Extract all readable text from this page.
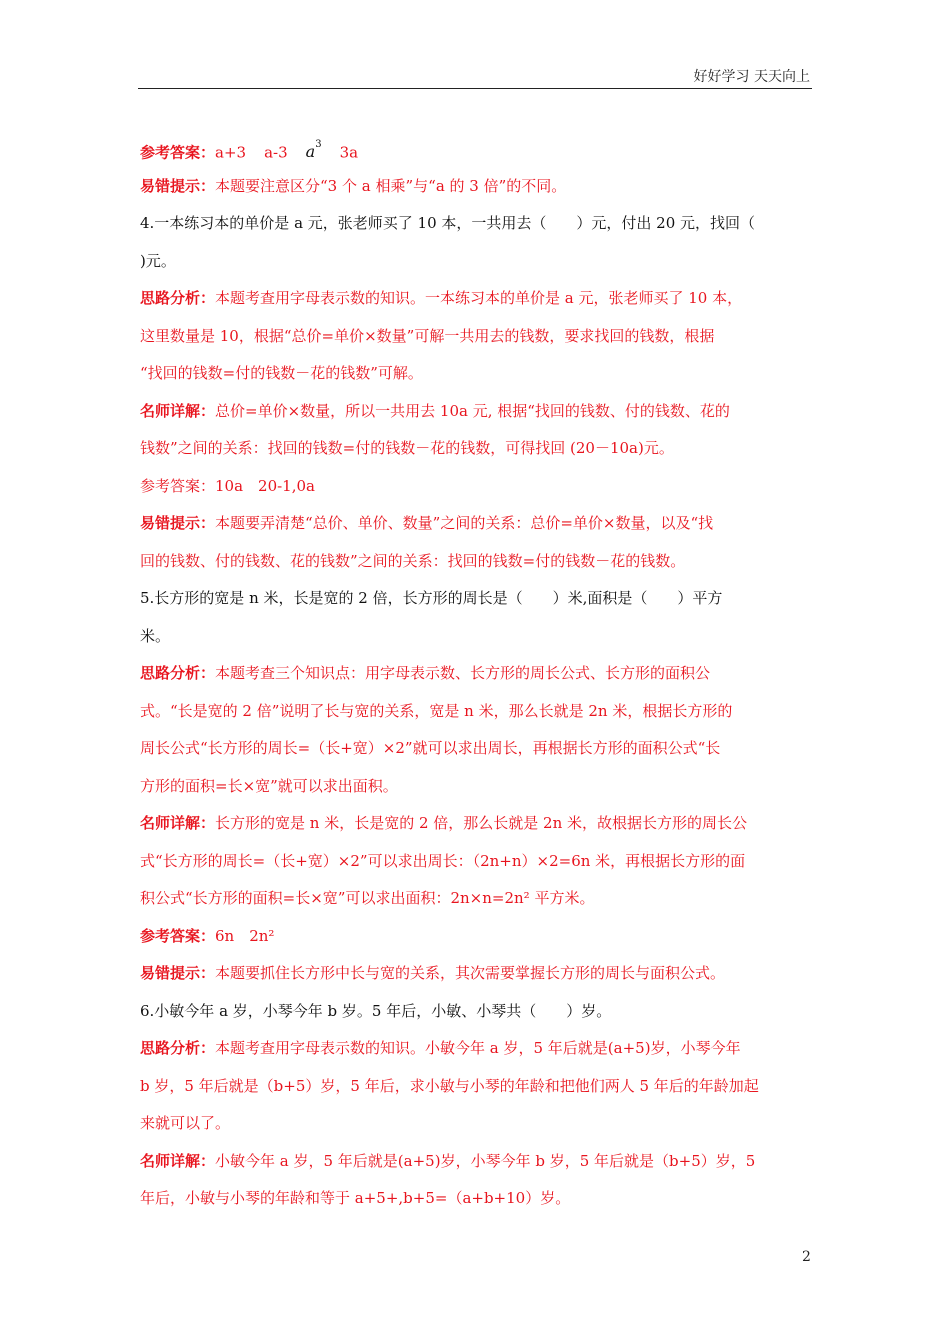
好好学习 天天向上
参考答案：a+3 a-3 $a^3$ 3a
易错提示：本题要注意区分“3 个 a 相乘”与“a 的 3 倍”的不同。
4.一本练习本的单价是 a 元，张老师买了 10 本，一共用去（　　）元，付出 20 元，找回（
)元。
思路分析：本题考查用字母表示数的知识。一本练习本的单价是 a 元，张老师买了 10 本，
这里数量是 10，根据“总价=单价×数量”可解一共用去的钱数，要求找回的钱数，根据
“找回的钱数=付的钱数－花的钱数”可解。
名师详解：总价=单价×数量，所以一共用去 10a 元, 根据“找回的钱数、付的钱数、花的
钱数”之间的关系：找回的钱数=付的钱数－花的钱数，可得找回 (20－10a)元。
参考答案：10a　20-1,0a
易错提示：本题要弄清楚“总价、单价、数量”之间的关系：总价=单价×数量，以及“找
回的钱数、付的钱数、花的钱数”之间的关系：找回的钱数=付的钱数－花的钱数。
5.长方形的宽是 n 米，长是宽的 2 倍，长方形的周长是（　　）米,面积是（　　）平方
米。
思路分析：本题考查三个知识点：用字母表示数、长方形的周长公式、长方形的面积公
式。“长是宽的 2 倍”说明了长与宽的关系，宽是 n 米，那么长就是 2n 米，根据长方形的
周长公式“长方形的周长=（长+宽）×2”就可以求出周长，再根据长方形的面积公式“长
方形的面积=长×宽”就可以求出面积。
名师详解：长方形的宽是 n 米，长是宽的 2 倍，那么长就是 2n 米，故根据长方形的周长公
式“长方形的周长=（长+宽）×2”可以求出周长：（2n+n）×2=6n 米，再根据长方形的面
积公式“长方形的面积=长×宽”可以求出面积：2n×n=2n² 平方米。
参考答案：6n　2n²
易错提示：本题要抓住长方形中长与宽的关系，其次需要掌握长方形的周长与面积公式。
6.小敏今年 a 岁，小琴今年 b 岁。5 年后，小敏、小琴共（　　）岁。
思路分析：本题考查用字母表示数的知识。小敏今年 a 岁，5 年后就是(a+5)岁，小琴今年
b 岁，5 年后就是（b+5）岁，5 年后，求小敏与小琴的年龄和把他们两人 5 年后的年龄加起
来就可以了。
名师详解：小敏今年 a 岁，5 年后就是(a+5)岁，小琴今年 b 岁，5 年后就是（b+5）岁，5
年后，小敏与小琴的年龄和等于 a+5+,b+5=（a+b+10）岁。
2
